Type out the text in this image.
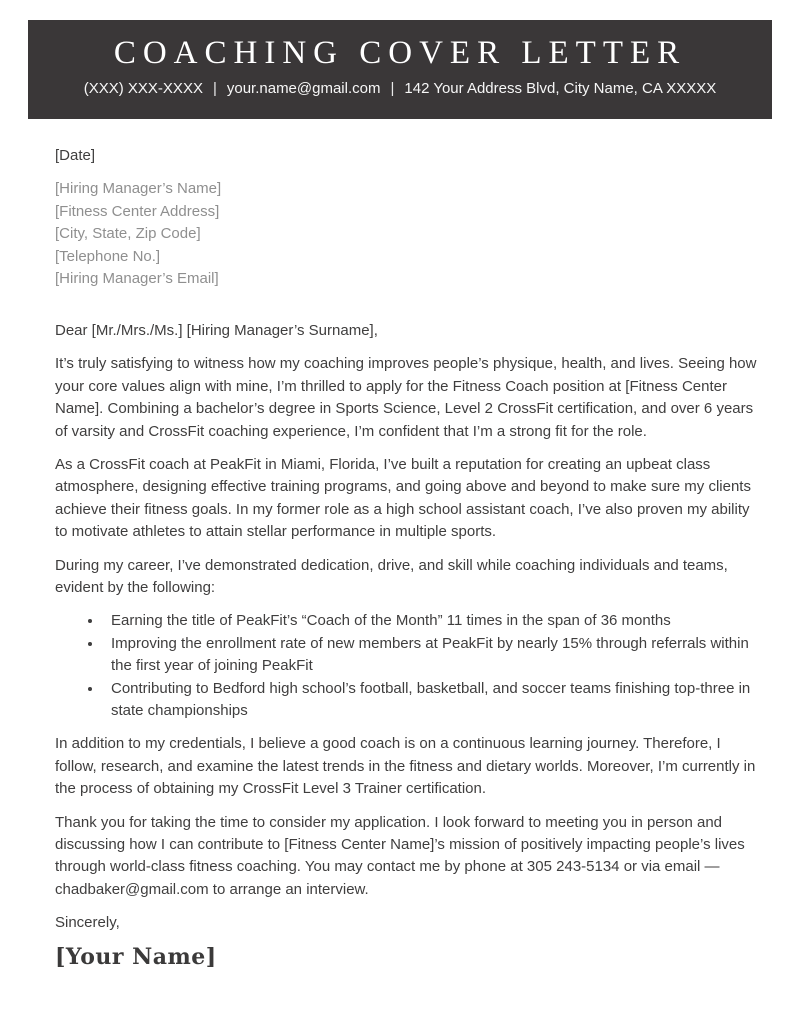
COACHING COVER LETTER
(XXX) XXX-XXXX | your.name@gmail.com | 142 Your Address Blvd, City Name, CA XXXXX

[Date]

[Hiring Manager’s Name]

[Fitness Center Address]

[City, State, Zip Code]

[Telephone No.]

[Hiring Manager’s Email]

Dear [Mr./Mrs./Ms.] [Hiring Manager’s Surname],

It’s truly satisfying to witness how my coaching improves people’s physique, health, and lives. Seeing how your core values align with mine, I’m thrilled to apply for the Fitness Coach position at [Fitness Center Name]. Combining a bachelor’s degree in Sports Science, Level 2 CrossFit certification, and over 6 years of varsity and CrossFit coaching experience, I’m confident that I’m a strong fit for the role.

As a CrossFit coach at PeakFit in Miami, Florida, I’ve built a reputation for creating an upbeat class atmosphere, designing effective training programs, and going above and beyond to make sure my clients achieve their fitness goals. In my former role as a high school assistant coach, I’ve also proven my ability to motivate athletes to attain stellar performance in multiple sports.

During my career, I’ve demonstrated dedication, drive, and skill while coaching individuals and teams, evident by the following:

• Earning the title of PeakFit’s “Coach of the Month” 11 times in the span of 36 months
• Improving the enrollment rate of new members at PeakFit by nearly 15% through referrals within the first year of joining PeakFit
• Contributing to Bedford high school’s football, basketball, and soccer teams finishing top-three in state championships

In addition to my credentials, I believe a good coach is on a continuous learning journey. Therefore, I follow, research, and examine the latest trends in the fitness and dietary worlds. Moreover, I’m currently in the process of obtaining my CrossFit Level 3 Trainer certification.

Thank you for taking the time to consider my application. I look forward to meeting you in person and discussing how I can contribute to [Fitness Center Name]’s mission of positively impacting people’s lives through world-class fitness coaching. You may contact me by phone at 305 243-5134 or via email — chadbaker@gmail.com to arrange an interview.

Sincerely,

[Your Name]
